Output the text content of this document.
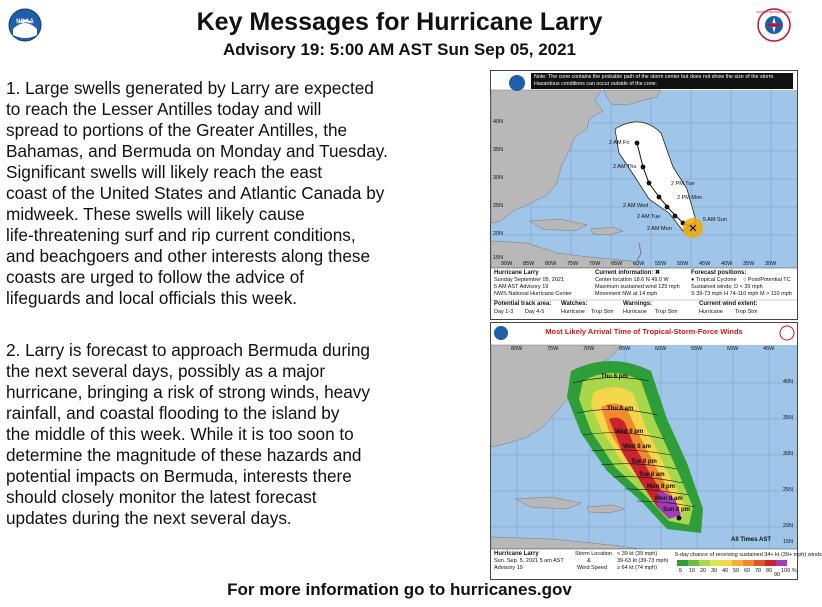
NOAA	Key Messages for Hurricane Larry
Advisory 19: 5:00 AM AST Sun Sep 05, 2021
NATIONAL WEATHER SERVICE
1. Large swells generated by Larry are expected
to reach the Lesser Antilles today and will
spread to portions of the Greater Antilles, the
Bahamas, and Bermuda on Monday and Tuesday.
Significant swells will likely reach the east
coast of the United States and Atlantic Canada by
midweek. These swells will likely cause
life-threatening surf and rip current conditions,
and beachgoers and other interests along these
coasts are urged to follow the advice of
lifeguards and local officials this week.
2. Larry is forecast to approach Bermuda during
the next several days, possibly as a major
hurricane, bringing a risk of strong winds, heavy
rainfall, and coastal flooding to the island by
the middle of this week. While it is too soon to
determine the magnitude of these hazards and
potential impacts on Bermuda, interests there
should closely monitor the latest forecast
updates during the next several days.
Note: The cone contains the probable path of the storm center but does not show the size of the storm. Hazardous conditions can occur outside of the cone.
40N
35N
30N
25N
20N
15N
90W 85W 80W 75W 70W 65W 60W 55W 50W 45W 40W 35W 30W
2 AM Fri
2 AM Thu
2 PM Tue
2 PM Mon
2 AM Wed
2 AM Tue
2 AM Mon
5 AM Sun
Hurricane Larry
Sunday September 05, 2021
5 AM AST Advisory 19
NWS National Hurricane Center
Current information: ✖
Center location 18.6 N 49.0 W
Maximum sustained wind 125 mph
Movement NW at 14 mph
Forecast positions:
● Tropical Cyclone ○ Post/Potential TC
Sustained winds: D < 39 mph
S 39-73 mph H 74-110 mph M > 110 mph
Potential track area:
Day 1-3 Day 4-5
Watches:
Hurricane Trop Stm
Warnings:
Hurricane Trop Stm
Current wind extent:
Hurricane Trop Stm
Most Likely Arrival Time of Tropical-Storm-Force Winds
80W	75W	70W	65W	60W	55W	50W	45W
40N
35N
30N
25N
20N
15N
Thu 8 pm
Thu 8 am
Wed 8 pm
Wed 8 am
Tue 8 pm
Tue 8 am
Mon 8 pm
Mon 8 am
Sun 8 pm
All Times AST
Hurricane Larry
Sun. Sep. 5, 2021 5 am AST
Advisory 19
Storm Location
&
Wind Speed
< 39 kt (39 mph)
39-63 kt (39-73 mph)
≥ 64 kt (74 mph)
5-day chance of receiving sustained 34+ kt (39+ mph) winds
5 10 20 30 40 50 60 70 80
90
100 %
For more information go to hurricanes.gov
